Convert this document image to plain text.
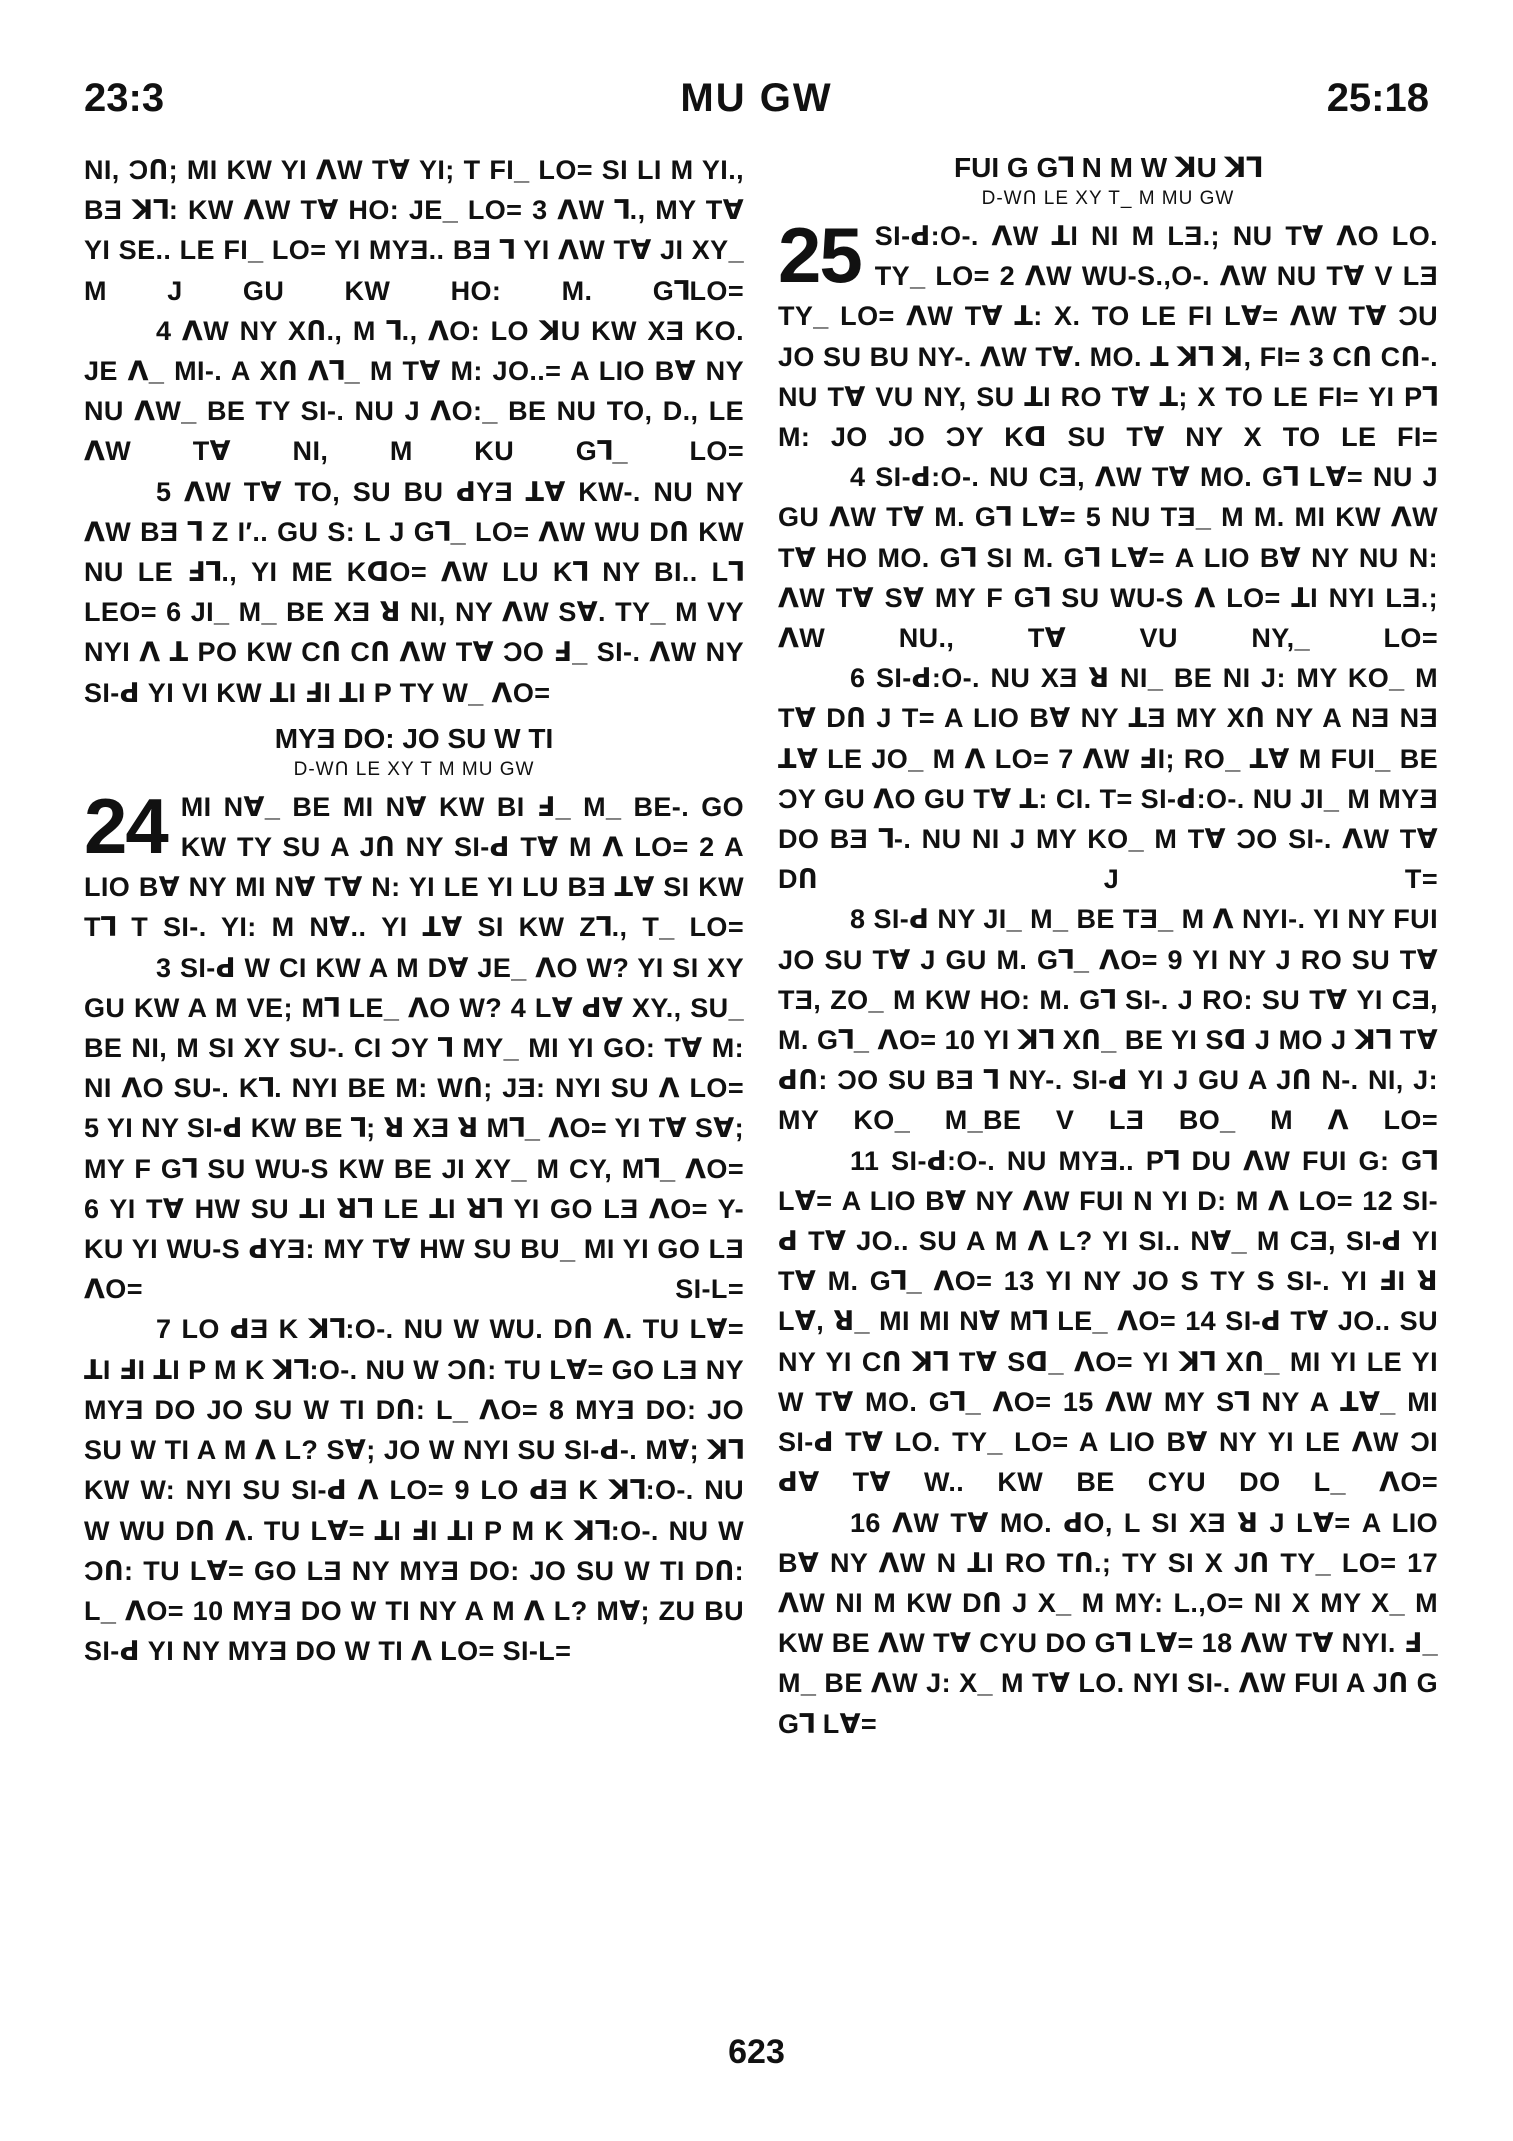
23:3	MU GW	25:18

NI, ƆՈ; MI KW YI ᐱW Tꓯ YI; T FI_ LO= SI LI M YI., BƎ ꓘꓶ: KW ᐱW Tꓯ HO: JE_ LO= 3 ᐱW ꓶ., MY Tꓯ YI SE.. LE FI_ LO= YI MYƎ.. BƎ ꓶ YI ᐱW Tꓯ JI XY_ M J GU KW HO: M. GꓶLO=

4 ᐱW NY XՈ., M ꓶ., ᐱO: LO ꓘU KW XƎ KO. JE ᐱ_ MI-. A XՈ ᐱꓶ_ M Tꓯ M: JO..= A LIO Bꓯ NY NU ᐱW_ BE TY SI-. NU J ᐱO:_ BE NU TO, D., LE ᐱW Tꓯ NI, M KU Gꓶ_ LO=

5 ᐱW Tꓯ TO, SU BU ꓒYƎ ꓕꓯ KW-. NU NY ᐱW BƎ ꓶ Z I′.. GU S: L J Gꓶ_ LO= ᐱW WU DՈ KW NU LE ꓞꓶ., YI ME KꓷO= ᐱW LU Kꓶ NY BI.. Lꓶ LEO= 6 JI_ M_ BE XƎ ꓤ NI, NY ᐱW Sꓯ. TY_ M VY NYI ᐱ ꓕ PO KW CՈ CՈ ᐱW Tꓯ ƆO ꓞ_ SI-. ᐱW NY SI-ꓒ YI VI KW ꓕI ꓞI ꓕI P TY W_ ᐱO=

MYƎ DO: JO SU W TI
D-WՈ LE XY T M MU GW

24 MI Nꓯ_ BE MI Nꓯ KW BI ꓞ_ M_ BE-. GO KW TY SU A JՈ NY SI-ꓒ Tꓯ M ᐱ LO= 2 A LIO Bꓯ NY MI Nꓯ Tꓯ N: YI LE YI LU BƎ ꓕꓯ SI KW Tꓶ T SI-. YI: M Nꓯ.. YI ꓕꓯ SI KW Zꓶ., T_ LO=

3 SI-ꓒ W CI KW A M Dꓯ JE_ ᐱO W? YI SI XY GU KW A M VE; Mꓶ LE_ ᐱO W? 4 Lꓯ ꓒꓯ XY., SU_ BE NI, M SI XY SU-. CI ƆY ꓶ MY_ MI YI GO: Tꓯ M: NI ᐱO SU-. Kꓶ. NYI BE M: WՈ; JƎ: NYI SU ᐱ LO= 5 YI NY SI-ꓒ KW BE ꓶ; ꓤ XƎ ꓤ Mꓶ_ ᐱO= YI Tꓯ Sꓯ; MY F Gꓶ SU WU-S KW BE JI XY_ M CY, Mꓶ_ ᐱO= 6 YI Tꓯ HW SU ꓕI ꓤꓶ LE ꓕI ꓤꓶ YI GO LƎ ᐱO= Y-KU YI WU-S ꓒYƎ: MY Tꓯ HW SU BU_ MI YI GO LƎ ᐱO= SI-L=

7 LO ꓒƎ K ꓘꓶ:O-. NU W WU. DՈ ᐱ. TU Lꓯ= ꓕI ꓞI ꓕI P M K ꓘꓶ:O-. NU W ƆՈ: TU Lꓯ= GO LƎ NY MYƎ DO JO SU W TI DՈ: L_ ᐱO= 8 MYƎ DO: JO SU W TI A M ᐱ L? Sꓯ; JO W NYI SU SI-ꓒ-. Mꓯ; ꓘꓶ KW W: NYI SU SI-ꓒ ᐱ LO= 9 LO ꓒƎ K ꓘꓶ:O-. NU W WU DՈ ᐱ. TU Lꓯ= ꓕI ꓞI ꓕI P M K ꓘꓶ:O-. NU W ƆՈ: TU Lꓯ= GO LƎ NY MYƎ DO: JO SU W TI DՈ: L_ ᐱO= 10 MYƎ DO W TI NY A M ᐱ L? Mꓯ; ZU BU SI-ꓒ YI NY MYƎ DO W TI ᐱ LO= SI-L=

FUI G Gꓶ N M W ꓘU ꓘꓶ
D-WՈ LE XY T_ M MU GW

25 SI-ꓒ:O-. ᐱW ꓕI NI M LƎ.; NU Tꓯ ᐱO LO. TY_ LO= 2 ᐱW WU-S.,O-. ᐱW NU Tꓯ V LƎ TY_ LO= ᐱW Tꓯ ꓕ: X. TO LE FI Lꓯ= ᐱW Tꓯ ƆU JO SU BU NY-. ᐱW Tꓯ. MO. ꓕ ꓘꓶ ꓘ, FI= 3 CՈ CՈ-. NU Tꓯ VU NY, SU ꓕI RO Tꓯ ꓕ; X TO LE FI= YI Pꓶ M: JO JO ƆY Kꓷ SU Tꓯ NY X TO LE FI=

4 SI-ꓒ:O-. NU CƎ, ᐱW Tꓯ MO. Gꓶ Lꓯ= NU J GU ᐱW Tꓯ M. Gꓶ Lꓯ= 5 NU TƎ_ M M. MI KW ᐱW Tꓯ HO MO. Gꓶ SI M. Gꓶ Lꓯ= A LIO Bꓯ NY NU N: ᐱW Tꓯ Sꓯ MY F Gꓶ SU WU-S ᐱ LO= ꓕI NYI LƎ.; ᐱW NU., Tꓯ VU NY,_ LO=

6 SI-ꓒ:O-. NU XƎ ꓤ NI_ BE NI J: MY KO_ M Tꓯ DՈ J T= A LIO Bꓯ NY ꓕƎ MY XՈ NY A NƎ NƎ ꓕꓯ LE JO_ M ᐱ LO= 7 ᐱW ꓞI; RO_ ꓕꓯ M FUI_ BE ƆY GU ᐱO GU Tꓯ ꓕ: CI. T= SI-ꓒ:O-. NU JI_ M MYƎ DO BƎ ꓶ-. NU NI J MY KO_ M Tꓯ ƆO SI-. ᐱW Tꓯ DՈ J T=

8 SI-ꓒ NY JI_ M_ BE TƎ_ M ᐱ NYI-. YI NY FUI JO SU Tꓯ J GU M. Gꓶ_ ᐱO= 9 YI NY J RO SU Tꓯ TƎ, ZO_ M KW HO: M. Gꓶ SI-. J RO: SU Tꓯ YI CƎ, M. Gꓶ_ ᐱO= 10 YI ꓘꓶ XՈ_ BE YI Sꓷ J MO J ꓘꓶ Tꓯ ꓒՈ: ƆO SU BƎ ꓶ NY-. SI-ꓒ YI J GU A JՈ N-. NI, J: MY KO_ M_BE V LƎ BO_ M ᐱ LO=

11 SI-ꓒ:O-. NU MYƎ.. Pꓶ DU ᐱW FUI G: Gꓶ Lꓯ= A LIO Bꓯ NY ᐱW FUI N YI D: M ᐱ LO= 12 SI-ꓒ Tꓯ JO.. SU A M ᐱ L? YI SI.. Nꓯ_ M CƎ, SI-ꓒ YI Tꓯ M. Gꓶ_ ᐱO= 13 YI NY JO S TY S SI-. YI ꓞI ꓤ Lꓯ, ꓤ_ MI MI Nꓯ Mꓶ LE_ ᐱO= 14 SI-ꓒ Tꓯ JO.. SU NY YI CՈ ꓘꓶ Tꓯ Sꓷ_ ᐱO= YI ꓘꓶ XՈ_ MI YI LE YI W Tꓯ MO. Gꓶ_ ᐱO= 15 ᐱW MY Sꓶ NY A ꓕꓯ_ MI SI-ꓒ Tꓯ LO. TY_ LO= A LIO Bꓯ NY YI LE ᐱW ƆI ꓒꓯ Tꓯ W.. KW BE CYU DO L_ ᐱO=

16 ᐱW Tꓯ MO. ꓒO, L SI XƎ ꓤ J Lꓯ= A LIO Bꓯ NY ᐱW N ꓕI RO TՈ.; TY SI X JՈ TY_ LO= 17 ᐱW NI M KW DՈ J X_ M MY: L.,O= NI X MY X_ M KW BE ᐱW Tꓯ CYU DO Gꓶ Lꓯ= 18 ᐱW Tꓯ NYI. ꓞ_ M_ BE ᐱW J: X_ M Tꓯ LO. NYI SI-. ᐱW FUI A JՈ G Gꓶ Lꓯ=

623
